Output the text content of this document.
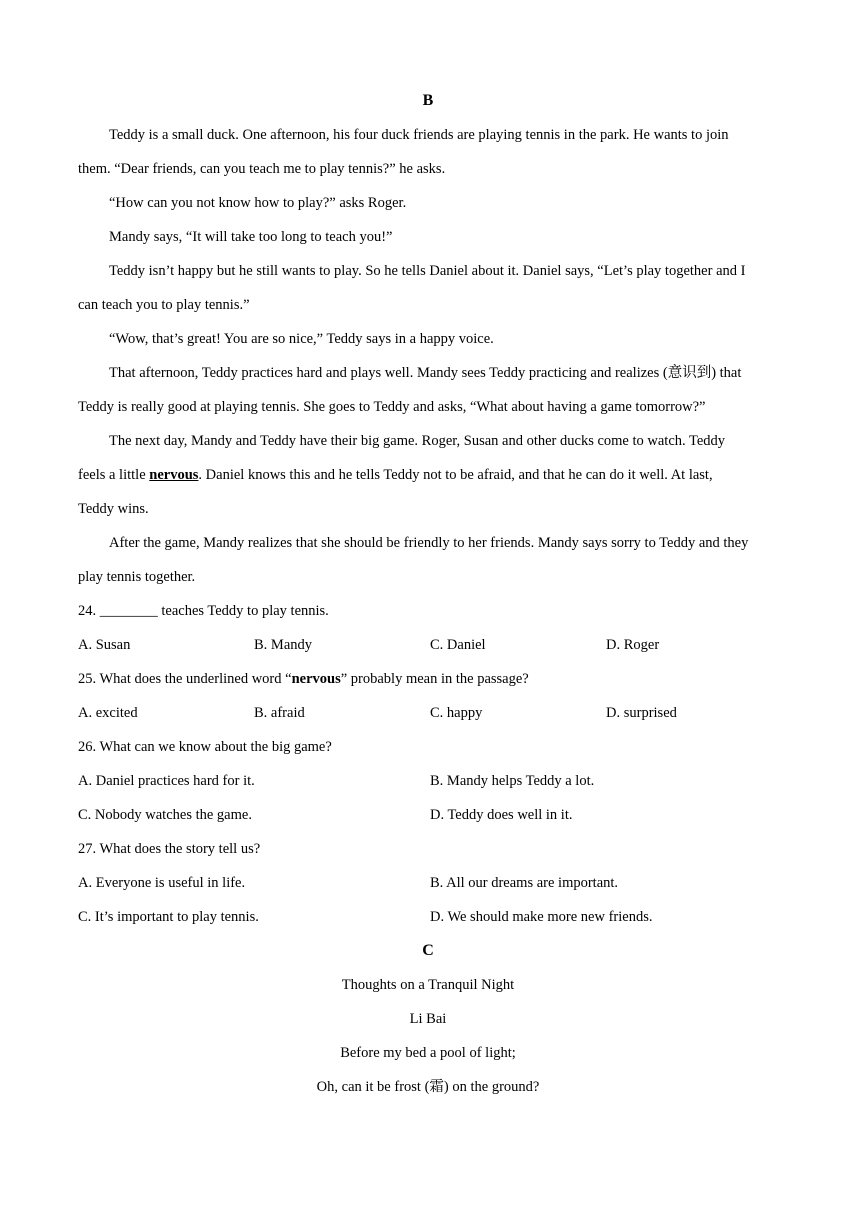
B
Teddy is a small duck. One afternoon, his four duck friends are playing tennis in the park. He wants to join
them. “Dear friends, can you teach me to play tennis?” he asks.
“How can you not know how to play?” asks Roger.
Mandy says, “It will take too long to teach you!”
Teddy isn’t happy but he still wants to play. So he tells Daniel about it. Daniel says, “Let’s play together and I
can teach you to play tennis.”
“Wow, that’s great! You are so nice,” Teddy says in a happy voice.
That afternoon, Teddy practices hard and plays well. Mandy sees Teddy practicing and realizes (意识到) that
Teddy is really good at playing tennis. She goes to Teddy and asks, “What about having a game tomorrow?”
The next day, Mandy and Teddy have their big game. Roger, Susan and other ducks come to watch. Teddy
feels a little nervous. Daniel knows this and he tells Teddy not to be afraid, and that he can do it well. At last,
Teddy wins.
After the game, Mandy realizes that she should be friendly to her friends. Mandy says sorry to Teddy and they
play tennis together.
24. ________ teaches Teddy to play tennis.
A. Susan	B. Mandy	C. Daniel	D. Roger
25. What does the underlined word “nervous” probably mean in the passage?
A. excited	B. afraid	C. happy	D. surprised
26. What can we know about the big game?
A. Daniel practices hard for it.	B. Mandy helps Teddy a lot.
C. Nobody watches the game.	D. Teddy does well in it.
27. What does the story tell us?
A. Everyone is useful in life.	B. All our dreams are important.
C. It’s important to play tennis.	D. We should make more new friends.
C
Thoughts on a Tranquil Night
Li Bai
Before my bed a pool of light;
Oh, can it be frost (霜) on the ground?
